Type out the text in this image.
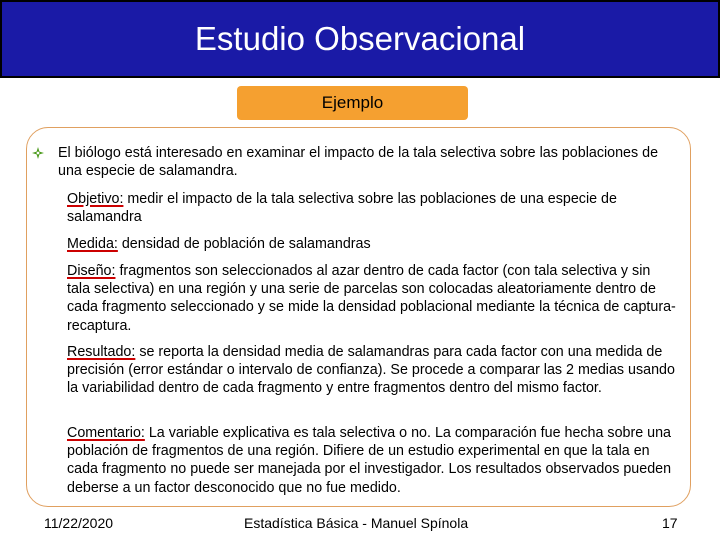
Estudio Observacional
Ejemplo
El biólogo está interesado en examinar el impacto de la tala selectiva sobre las poblaciones de una especie de salamandra.
Objetivo: medir el impacto de la tala selectiva sobre las poblaciones de una especie de salamandra
Medida: densidad de población de salamandras
Diseño: fragmentos son seleccionados al azar dentro de cada factor (con tala selectiva y sin tala selectiva) en una región y una serie de parcelas son colocadas aleatoriamente dentro de cada fragmento seleccionado y se mide la densidad poblacional mediante la técnica de captura-recaptura.
Resultado: se reporta la densidad media de salamandras para cada factor con una medida de precisión (error estándar o intervalo de confianza). Se procede a comparar las 2 medias usando la variabilidad dentro de cada fragmento y entre fragmentos dentro del mismo factor.
Comentario: La variable explicativa es tala selectiva o no. La comparación fue hecha sobre una población de fragmentos de una región. Difiere de un estudio experimental en que la tala en cada fragmento no puede ser manejada por el investigador. Los resultados observados pueden deberse a un factor desconocido que no fue medido.
11/22/2020	Estadística Básica - Manuel Spínola	17
